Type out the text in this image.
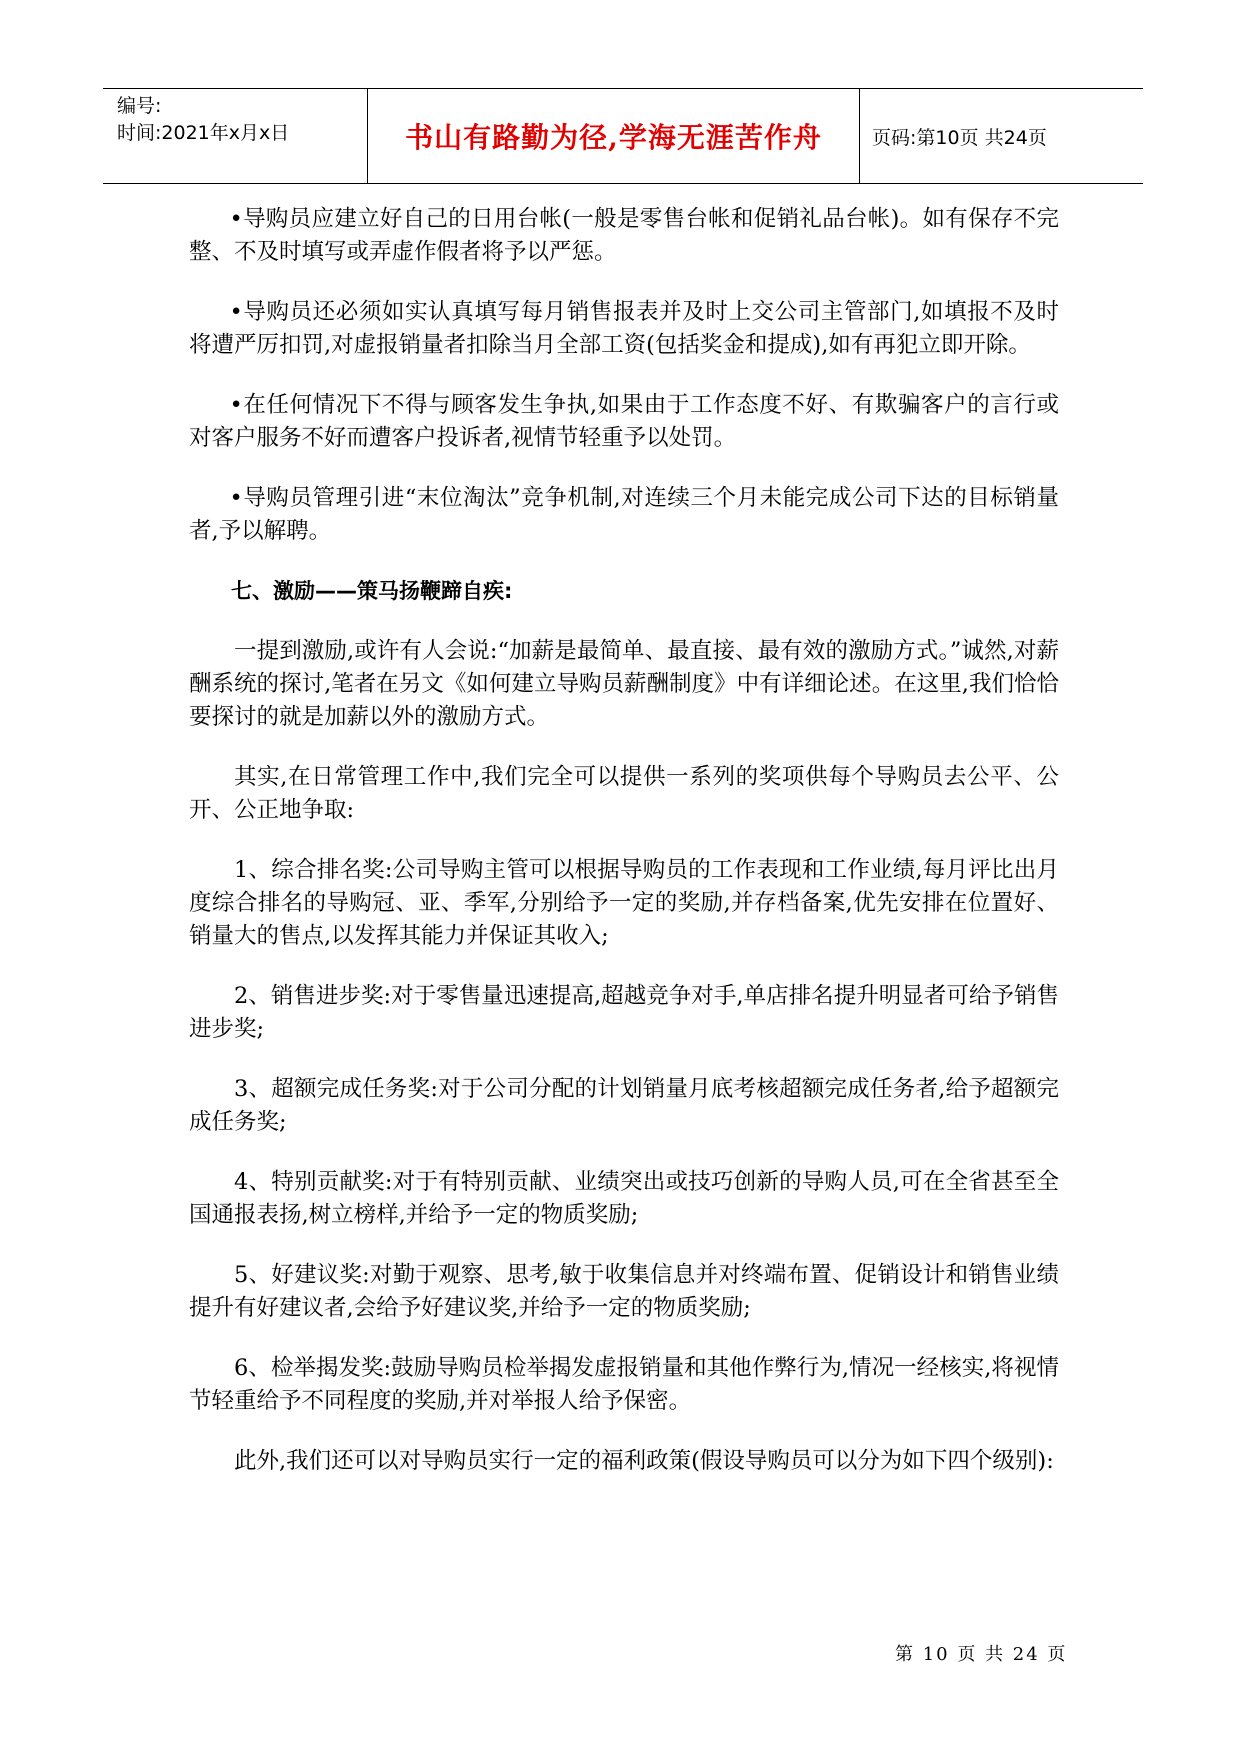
编号:
时间:2021年x月x日	书山有路勤为径,学海无涯苦作舟	页码:第10页 共24页

•导购员应建立好自己的日用台帐(一般是零售台帐和促销礼品台帐)。如有保存不完整、不及时填写或弄虚作假者将予以严惩。

•导购员还必须如实认真填写每月销售报表并及时上交公司主管部门,如填报不及时将遭严厉扣罚,对虚报销量者扣除当月全部工资(包括奖金和提成),如有再犯立即开除。

•在任何情况下不得与顾客发生争执,如果由于工作态度不好、有欺骗客户的言行或对客户服务不好而遭客户投诉者,视情节轻重予以处罚。

•导购员管理引进“末位淘汰”竞争机制,对连续三个月未能完成公司下达的目标销量者,予以解聘。

七、激励——策马扬鞭蹄自疾:

一提到激励,或许有人会说:“加薪是最简单、最直接、最有效的激励方式。”诚然,对薪酬系统的探讨,笔者在另文《如何建立导购员薪酬制度》中有详细论述。在这里,我们恰恰要探讨的就是加薪以外的激励方式。

其实,在日常管理工作中,我们完全可以提供一系列的奖项供每个导购员去公平、公开、公正地争取:

1、综合排名奖:公司导购主管可以根据导购员的工作表现和工作业绩,每月评比出月度综合排名的导购冠、亚、季军,分别给予一定的奖励,并存档备案,优先安排在位置好、销量大的售点,以发挥其能力并保证其收入;

2、销售进步奖:对于零售量迅速提高,超越竞争对手,单店排名提升明显者可给予销售进步奖;

3、超额完成任务奖:对于公司分配的计划销量月底考核超额完成任务者,给予超额完成任务奖;

4、特别贡献奖:对于有特别贡献、业绩突出或技巧创新的导购人员,可在全省甚至全国通报表扬,树立榜样,并给予一定的物质奖励;

5、好建议奖:对勤于观察、思考,敏于收集信息并对终端布置、促销设计和销售业绩提升有好建议者,会给予好建议奖,并给予一定的物质奖励;

6、检举揭发奖:鼓励导购员检举揭发虚报销量和其他作弊行为,情况一经核实,将视情节轻重给予不同程度的奖励,并对举报人给予保密。

此外,我们还可以对导购员实行一定的福利政策(假设导购员可以分为如下四个级别):

第 10 页 共 24 页
